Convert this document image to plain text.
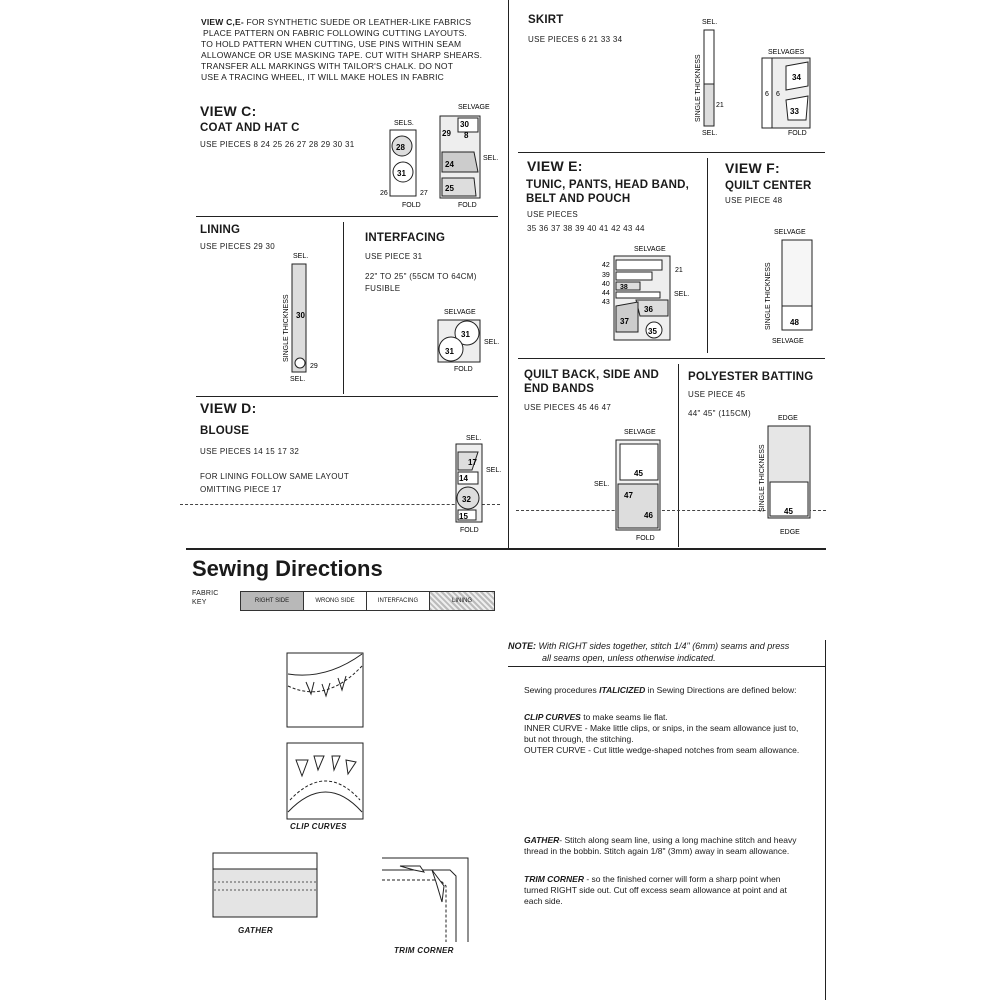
VIEW C,E- FOR SYNTHETIC SUEDE OR LEATHER-LIKE FABRICS
PLACE PATTERN ON FABRIC FOLLOWING CUTTING LAYOUTS.
TO HOLD PATTERN WHEN CUTTING, USE PINS WITHIN SEAM
ALLOWANCE OR USE MASKING TAPE. CUT WITH SHARP SHEARS.
TRANSFER ALL MARKINGS WITH TAILOR'S CHALK. DO NOT
USE A TRACING WHEEL, IT WILL MAKE HOLES IN FABRIC
VIEW C:
COAT AND HAT C
USE PIECES 8 24 25 26 27 28 29 30 31
SELVAGE
SELS.
SEL.
28
31
26	27
30
29 8
24
25
FOLD	FOLD
LINING
USE PIECES 29 30
SEL.
SINGLE THICKNESS 30
29
SEL.
INTERFACING
USE PIECE 31
22" TO 25" (55CM TO 64CM)
FUSIBLE
SELVAGE
SEL.
31
31
FOLD
VIEW D:
BLOUSE
USE PIECES 14 15 17 32
FOR LINING FOLLOW SAME LAYOUT
OMITTING PIECE 17
SEL.
SEL.
17
14
32
15
FOLD
SKIRT
USE PIECES 6 21 33 34
SEL.
SINGLE THICKNESS 21
SEL.
SELVAGES
6 6
34
33
FOLD
VIEW E:
TUNIC, PANTS, HEAD BAND,
BELT AND POUCH
USE PIECES
35 36 37 38 39 40 41 42 43 44
SELVAGE
SEL.
21
38
36
37
35
42
39
40
44
43
VIEW F:
QUILT CENTER
USE PIECE 48
SELVAGE
SINGLE THICKNESS 48
SELVAGE
QUILT BACK, SIDE AND
END BANDS
USE PIECES 45 46 47
SELVAGE
SEL.
45
47
46
FOLD
POLYESTER BATTING
USE PIECE 45
44" 45" (115CM)
EDGE
SINGLE THICKNESS 45
EDGE
Sewing Directions
FABRIC
KEY	RIGHT SIDE	WRONG SIDE	INTERFACING	LINING
NOTE: With RIGHT sides together, stitch 1/4" (6mm) seams and press
all seams open, unless otherwise indicated.
Sewing procedures ITALICIZED in Sewing Directions are defined below:
CLIP CURVES to make seams lie flat.
INNER CURVE - Make little clips, or snips, in the seam allowance just to,
but not through, the stitching.
OUTER CURVE - Cut little wedge-shaped notches from seam allowance.
GATHER- Stitch along seam line, using a long machine stitch and heavy
thread in the bobbin. Stitch again 1/8" (3mm) away in seam allowance.
TRIM CORNER - so the finished corner will form a sharp point when
turned RIGHT side out. Cut off excess seam allowance at point and at
each side.
CLIP CURVES
GATHER
TRIM CORNER
